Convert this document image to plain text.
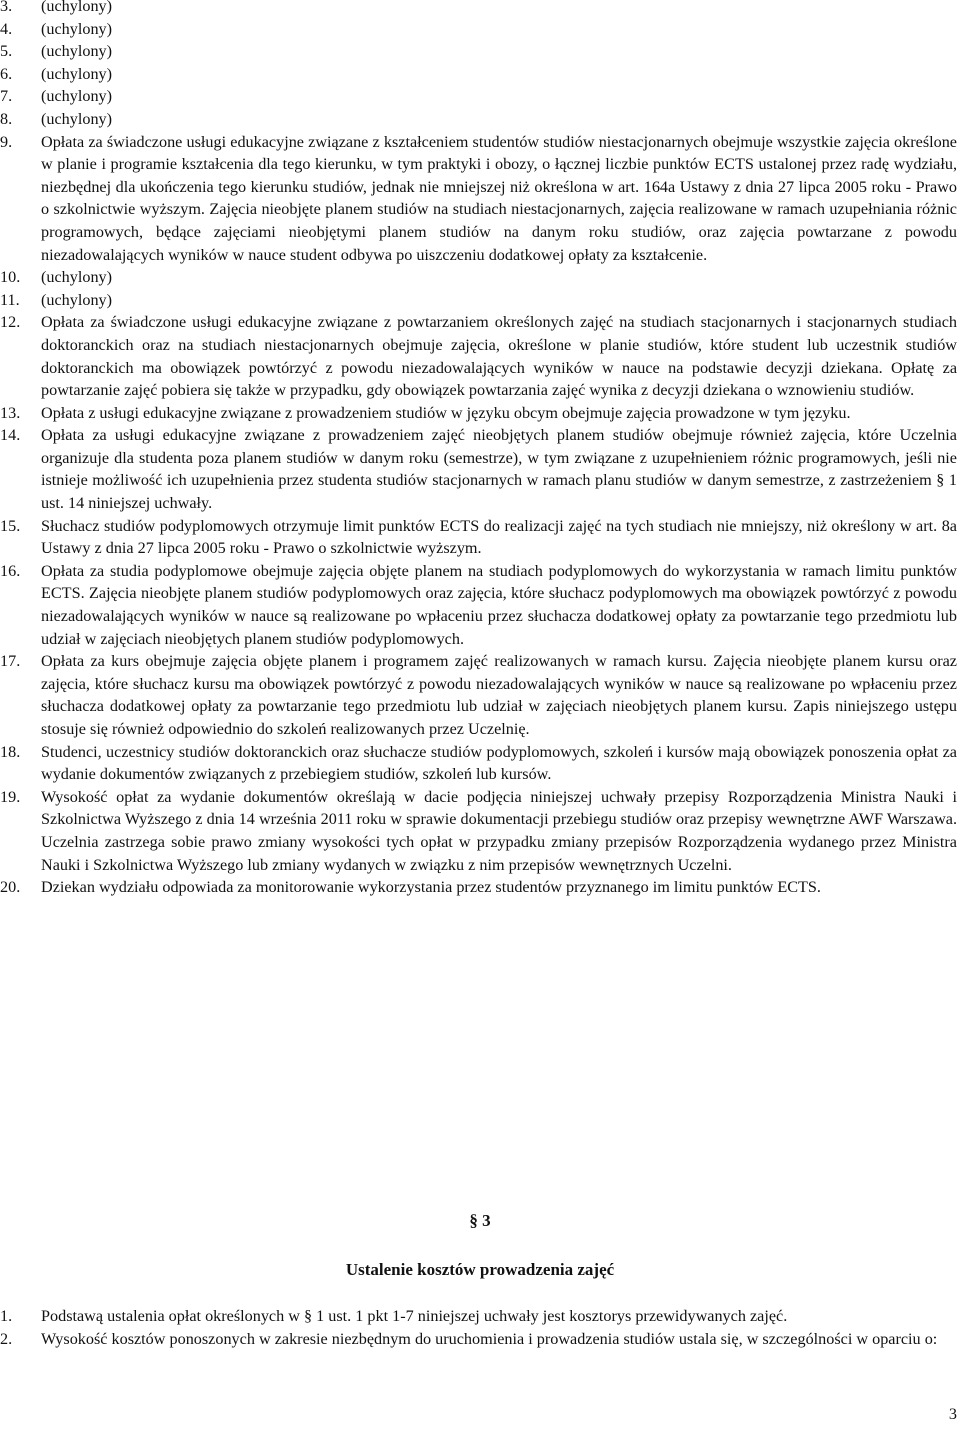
3. (uchylony)
4. (uchylony)
5. (uchylony)
6. (uchylony)
7. (uchylony)
8. (uchylony)
9. Opłata za świadczone usługi edukacyjne związane z kształceniem studentów studiów niestacjonarnych obejmuje wszystkie zajęcia określone w planie i programie kształcenia dla tego kierunku, w tym praktyki i obozy, o łącznej liczbie punktów ECTS ustalonej przez radę wydziału, niezbędnej dla ukończenia tego kierunku studiów, jednak nie mniejszej niż określona w art. 164a Ustawy z dnia 27 lipca 2005 roku - Prawo o szkolnictwie wyższym. Zajęcia nieobjęte planem studiów na studiach niestacjonarnych, zajęcia realizowane w ramach uzupełniania różnic programowych, będące zajęciami nieobjętymi planem studiów na danym roku studiów, oraz zajęcia powtarzane z powodu niezadowalających wyników w nauce student odbywa po uiszczeniu dodatkowej opłaty za kształcenie.
10. (uchylony)
11. (uchylony)
12. Opłata za świadczone usługi edukacyjne związane z powtarzaniem określonych zajęć na studiach stacjonarnych i stacjonarnych studiach doktoranckich oraz na studiach niestacjonarnych obejmuje zajęcia, określone w planie studiów, które student lub uczestnik studiów doktoranckich ma obowiązek powtórzyć z powodu niezadowalających wyników w nauce na podstawie decyzji dziekana. Opłatę za powtarzanie zajęć pobiera się także w przypadku, gdy obowiązek powtarzania zajęć wynika z decyzji dziekana o wznowieniu studiów.
13. Opłata z usługi edukacyjne związane z prowadzeniem studiów w języku obcym obejmuje zajęcia prowadzone w tym języku.
14. Opłata za usługi edukacyjne związane z prowadzeniem zajęć nieobjętych planem studiów obejmuje również zajęcia, które Uczelnia organizuje dla studenta poza planem studiów w danym roku (semestrze), w tym związane z uzupełnieniem różnic programowych, jeśli nie istnieje możliwość ich uzupełnienia przez studenta studiów stacjonarnych w ramach planu studiów w danym semestrze, z zastrzeżeniem § 1 ust. 14 niniejszej uchwały.
15. Słuchacz studiów podyplomowych otrzymuje limit punktów ECTS do realizacji zajęć na tych studiach nie mniejszy, niż określony w art. 8a Ustawy z dnia 27 lipca 2005 roku - Prawo o szkolnictwie wyższym.
16. Opłata za studia podyplomowe obejmuje zajęcia objęte planem na studiach podyplomowych do wykorzystania w ramach limitu punktów ECTS. Zajęcia nieobjęte planem studiów podyplomowych oraz zajęcia, które słuchacz podyplomowych ma obowiązek powtórzyć z powodu niezadowalających wyników w nauce są realizowane po wpłaceniu przez słuchacza dodatkowej opłaty za powtarzanie tego przedmiotu lub udział w zajęciach nieobjętych planem studiów podyplomowych.
17. Opłata za kurs obejmuje zajęcia objęte planem i programem zajęć realizowanych w ramach kursu. Zajęcia nieobjęte planem kursu oraz zajęcia, które słuchacz kursu ma obowiązek powtórzyć z powodu niezadowalających wyników w nauce są realizowane po wpłaceniu przez słuchacza dodatkowej opłaty za powtarzanie tego przedmiotu lub udział w zajęciach nieobjętych planem kursu. Zapis niniejszego ustępu stosuje się również odpowiednio do szkoleń realizowanych przez Uczelnię.
18. Studenci, uczestnicy studiów doktoranckich oraz słuchacze studiów podyplomowych, szkoleń i kursów mają obowiązek ponoszenia opłat za wydanie dokumentów związanych z przebiegiem studiów, szkoleń lub kursów.
19. Wysokość opłat za wydanie dokumentów określają w dacie podjęcia niniejszej uchwały przepisy Rozporządzenia Ministra Nauki i Szkolnictwa Wyższego z dnia 14 września 2011 roku w sprawie dokumentacji przebiegu studiów oraz przepisy wewnętrzne AWF Warszawa. Uczelnia zastrzega sobie prawo zmiany wysokości tych opłat w przypadku zmiany przepisów Rozporządzenia wydanego przez Ministra Nauki i Szkolnictwa Wyższego lub zmiany wydanych w związku z nim przepisów wewnętrznych Uczelni.
20. Dziekan wydziału odpowiada za monitorowanie wykorzystania przez studentów przyznanego im limitu punktów ECTS.
§ 3
Ustalenie kosztów prowadzenia zajęć
1. Podstawą ustalenia opłat określonych w § 1 ust. 1 pkt 1-7 niniejszej uchwały jest kosztorys przewidywanych zajęć.
2. Wysokość kosztów ponoszonych w zakresie niezbędnym do uruchomienia i prowadzenia studiów ustala się, w szczególności w oparciu o:
3
